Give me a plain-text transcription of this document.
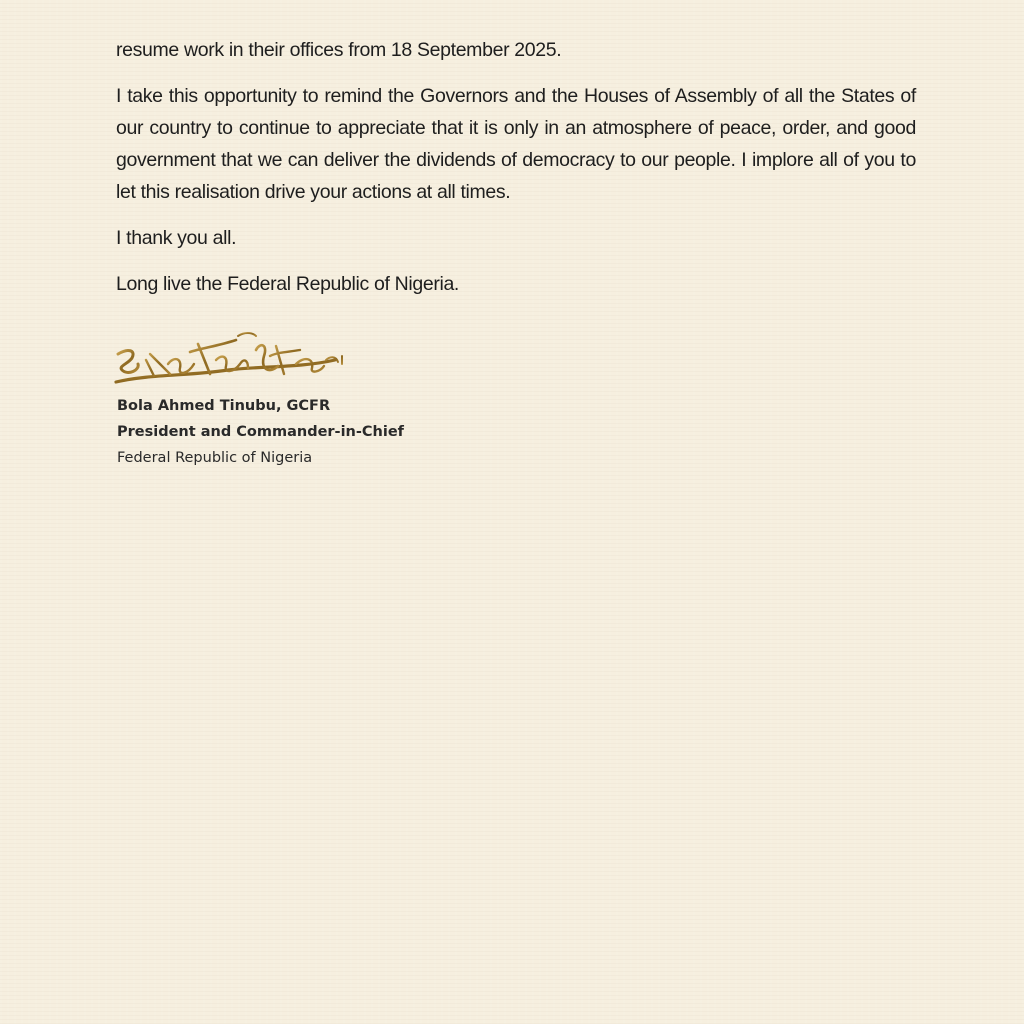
resume work in their offices from 18 September 2025.

I take this opportunity to remind the Governors and the Houses of Assembly of all the States of our country to continue to appreciate that it is only in an atmosphere of peace, order, and good government that we can deliver the dividends of democracy to our people. I implore all of you to let this realisation drive your actions at all times.

I thank you all.

Long live the Federal Republic of Nigeria.

Bola Ahmed Tinubu, GCFR
President and Commander-in-Chief
Federal Republic of Nigeria
